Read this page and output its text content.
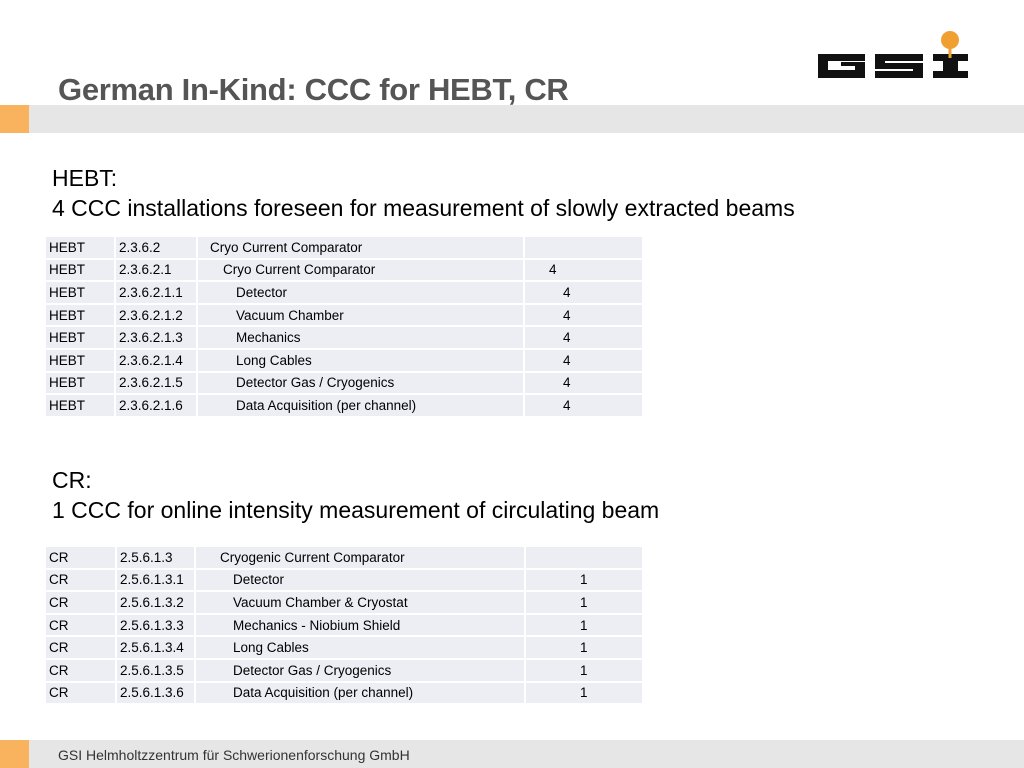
German In-Kind: CCC for HEBT, CR
HEBT:
4 CCC installations foreseen for measurement of slowly extracted beams
HEBT	2.3.6.2	Cryo Current Comparator	
HEBT	2.3.6.2.1	Cryo Current Comparator	4
HEBT	2.3.6.2.1.1	Detector	4
HEBT	2.3.6.2.1.2	Vacuum Chamber	4
HEBT	2.3.6.2.1.3	Mechanics	4
HEBT	2.3.6.2.1.4	Long Cables	4
HEBT	2.3.6.2.1.5	Detector Gas / Cryogenics	4
HEBT	2.3.6.2.1.6	Data Acquisition (per channel)	4
CR:
1 CCC for online intensity measurement of circulating beam
CR	2.5.6.1.3	Cryogenic Current Comparator	
CR	2.5.6.1.3.1	Detector	1
CR	2.5.6.1.3.2	Vacuum Chamber & Cryostat	1
CR	2.5.6.1.3.3	Mechanics - Niobium Shield	1
CR	2.5.6.1.3.4	Long Cables	1
CR	2.5.6.1.3.5	Detector Gas / Cryogenics	1
CR	2.5.6.1.3.6	Data Acquisition (per channel)	1
GSI Helmholtzzentrum für Schwerionenforschung GmbH
